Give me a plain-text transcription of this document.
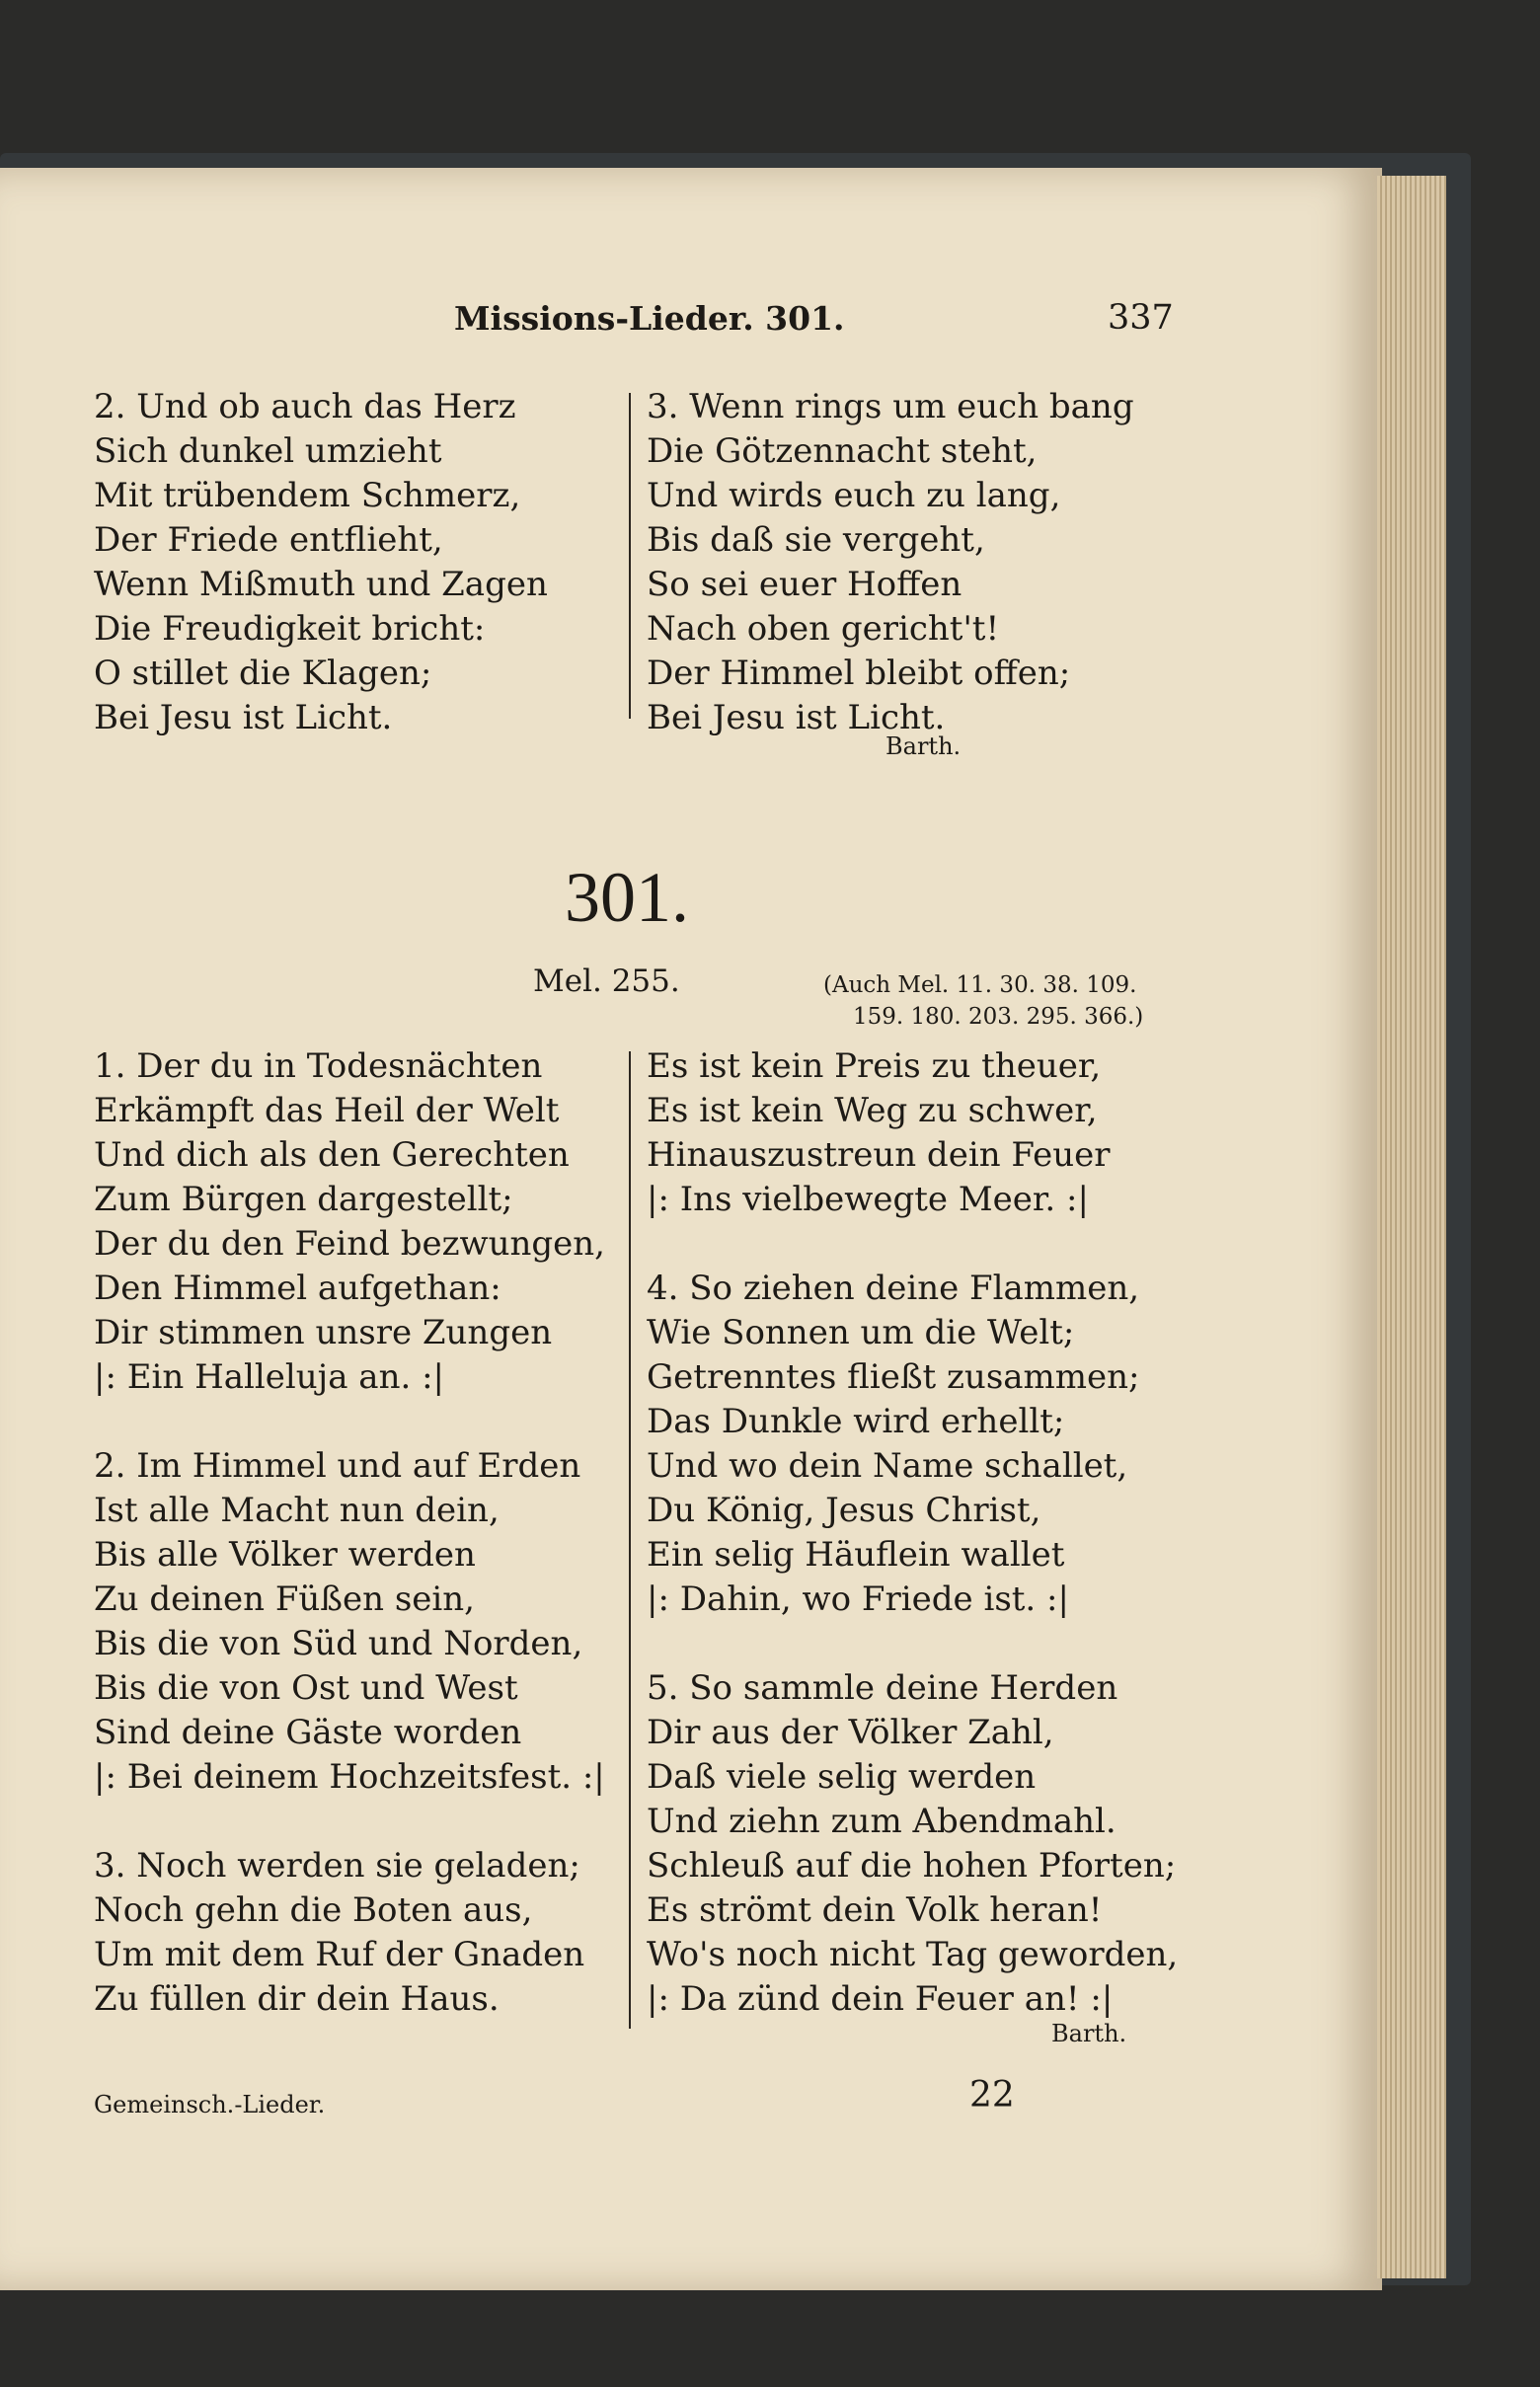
Missions-Lieder. 301.	337
2. Und ob auch das Herz
Sich dunkel umzieht
Mit trübendem Schmerz,
Der Friede entflieht,
Wenn Mißmuth und Zagen
Die Freudigkeit bricht:
O stillet die Klagen;
Bei Jesu ist Licht.
3. Wenn rings um euch bang
Die Götzennacht steht,
Und wirds euch zu lang,
Bis daß sie vergeht,
So sei euer Hoffen
Nach oben gericht't!
Der Himmel bleibt offen;
Bei Jesu ist Licht.
Barth.
301.
Mel. 255.	(Auch Mel. 11. 30. 38. 109.
159. 180. 203. 295. 366.)
1. Der du in Todesnächten
Erkämpft das Heil der Welt
Und dich als den Gerechten
Zum Bürgen dargestellt;
Der du den Feind bezwungen,
Den Himmel aufgethan:
Dir stimmen unsre Zungen
|: Ein Halleluja an. :|
2. Im Himmel und auf Erden
Ist alle Macht nun dein,
Bis alle Völker werden
Zu deinen Füßen sein,
Bis die von Süd und Norden,
Bis die von Ost und West
Sind deine Gäste worden
|: Bei deinem Hochzeitsfest. :|
3. Noch werden sie geladen;
Noch gehn die Boten aus,
Um mit dem Ruf der Gnaden
Zu füllen dir dein Haus.
Es ist kein Preis zu theuer,
Es ist kein Weg zu schwer,
Hinauszustreun dein Feuer
|: Ins vielbewegte Meer. :|
4. So ziehen deine Flammen,
Wie Sonnen um die Welt;
Getrenntes fließt zusammen;
Das Dunkle wird erhellt;
Und wo dein Name schallet,
Du König, Jesus Christ,
Ein selig Häuflein wallet
|: Dahin, wo Friede ist. :|
5. So sammle deine Herden
Dir aus der Völker Zahl,
Daß viele selig werden
Und ziehn zum Abendmahl.
Schleuß auf die hohen Pforten;
Es strömt dein Volk heran!
Wo's noch nicht Tag geworden,
|: Da zünd dein Feuer an! :|
Barth.
Gemeinsch.-Lieder.	22
